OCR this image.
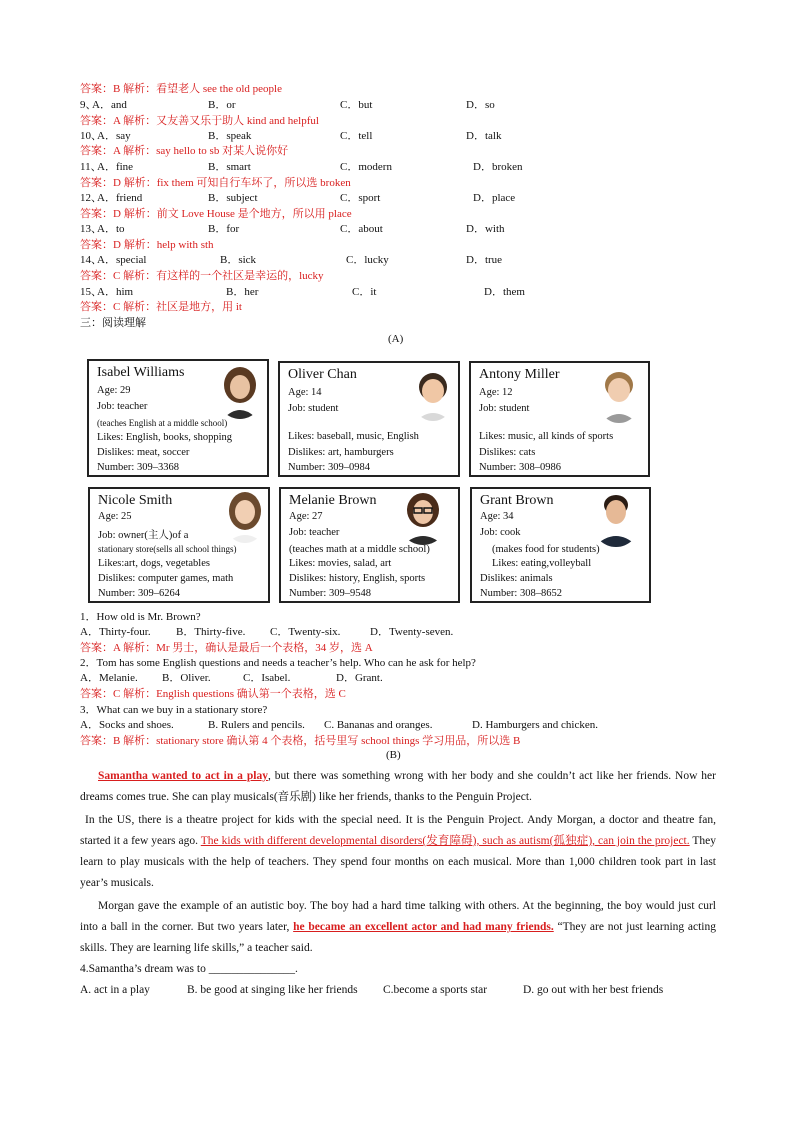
答案：B 解析：看望老人 see the old people
9、
A．and	B．or	C．but	D．so
答案：A 解析：又友善又乐于助人 kind and helpful
10、
A．say	B．speak	C．tell	D．talk
答案：A 解析：say hello to sb 对某人说你好
11、
A．fine	B．smart	C．modern	D．broken
答案：D 解析：fix them 可知自行车坏了，所以选 broken
12、
A．friend	B．subject	C．sport	D．place
答案：D 解析：前文 Love House 是个地方，所以用 place
13、
A．to	B．for	C．about	D．with
答案：D 解析：help with sth
14、
A．special	B．sick	C．lucky	D．true
答案：C 解析：有这样的一个社区是幸运的，lucky
15、
A．him	B．her	C．it	D．them
答案：C 解析：社区是地方，用 it
三：阅读理解
(A)
Isabel Williams
Age: 29
Job: teacher
(teaches English at a middle school)
Likes: English, books, shopping
Dislikes: meat, soccer
Number: 309–3368
Oliver Chan
Age: 14
Job: student
Likes: baseball, music, English
Dislikes: art, hamburgers
Number: 309–0984
Antony Miller
Age: 12
Job: student
Likes: music, all kinds of sports
Dislikes: cats
Number: 308–0986
Nicole Smith
Age: 25
Job: owner(主人)of a
stationary store(sells all school things)
Likes:art, dogs, vegetables
Dislikes: computer games, math
Number: 309–6264
Melanie Brown
Age: 27
Job: teacher
(teaches math at a middle school)
Likes: movies, salad, art
Dislikes: history, English, sports
Number: 309–9548
Grant Brown
Age: 34
Job: cook
(makes food for students)
Likes: eating,volleyball
Dislikes: animals
Number: 308–8652
1．How old is Mr. Brown?
A．Thirty-four. B．Thirty-five. C．Twenty-six.	D．Twenty-seven.
答案：A 解析：Mr 男士，确认是最后一个表格，34 岁，选 A
2．Tom has some English questions and needs a teacher’s help. Who can he ask for help?
A．Melanie. B．Oliver.	C．Isabel.	D．Grant.
答案：C 解析：English questions 确认第一个表格，选 C
3．What can we buy in a stationary store?
A．Socks and shoes.	B. Rulers and pencils. C. Bananas and oranges.	D. Hamburgers and chicken.
答案：B 解析：stationary store 确认第 4 个表格，括号里写 school things 学习用品，所以选 B
(B)
Samantha wanted to act in a play, but there was something wrong with her body and she couldn’t act like her friends. Now her dreams comes true. She can play musicals(音乐剧) like her friends, thanks to the Penguin Project.
In the US, there is a theatre project for kids with the special need. It is the Penguin Project. Andy Morgan, a doctor and theatre fan, started it a few years ago. The kids with different developmental disorders(发育障碍), such as autism(孤独症), can join the project. They learn to play musicals with the help of teachers. They spend four months on each musical. More than 1,000 children took part in last year’s musicals.
Morgan gave the example of an autistic boy. The boy had a hard time talking with others. At the beginning, the boy would just curl into a ball in the corner. But two years later, he became an excellent actor and had many friends. “They are not just learning acting skills. They are learning life skills,” a teacher said.
4.Samantha’s dream was to _______________.
A. act in a play	B. be good at singing like her friends C.become a sports star	D. go out with her best friends
